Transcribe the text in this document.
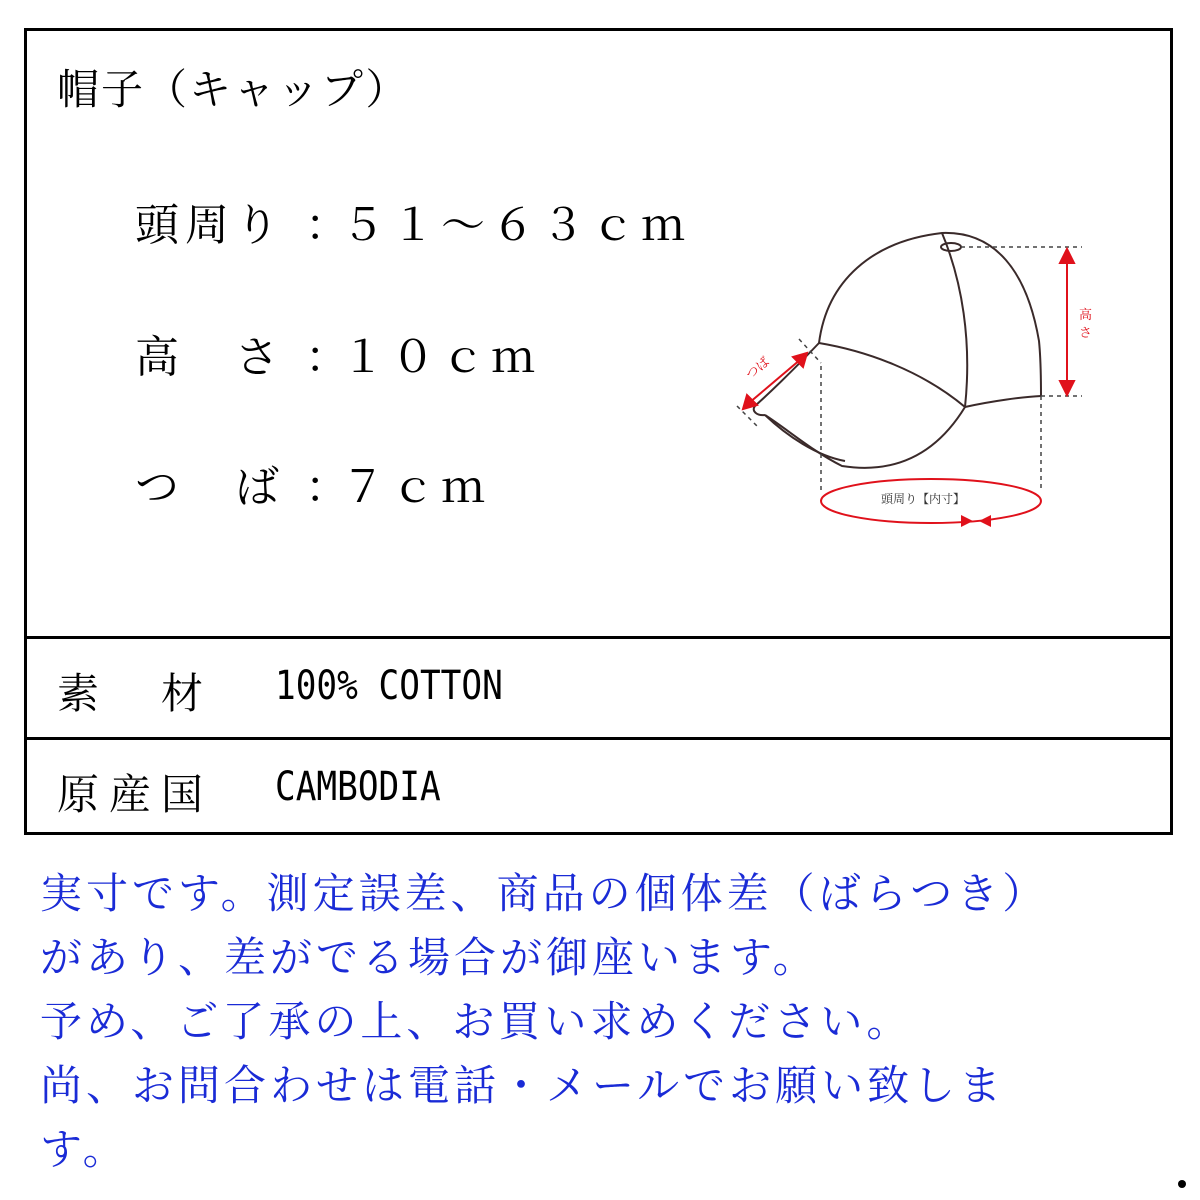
帽子（キャップ）
頭周り ：５１～６３ｃｍ
高　さ ：１０ｃｍ
つ　ば ：７ｃｍ
高
さ
つば
頭周り【内寸】
素　材 100% COTTON
原産国 CAMBODIA

実寸です。測定誤差、商品の個体差（ばらつき）

があり、差がでる場合が御座います。

予め、ご了承の上、お買い求めください。

尚、お問合わせは電話・メールでお願い致しま

す。
